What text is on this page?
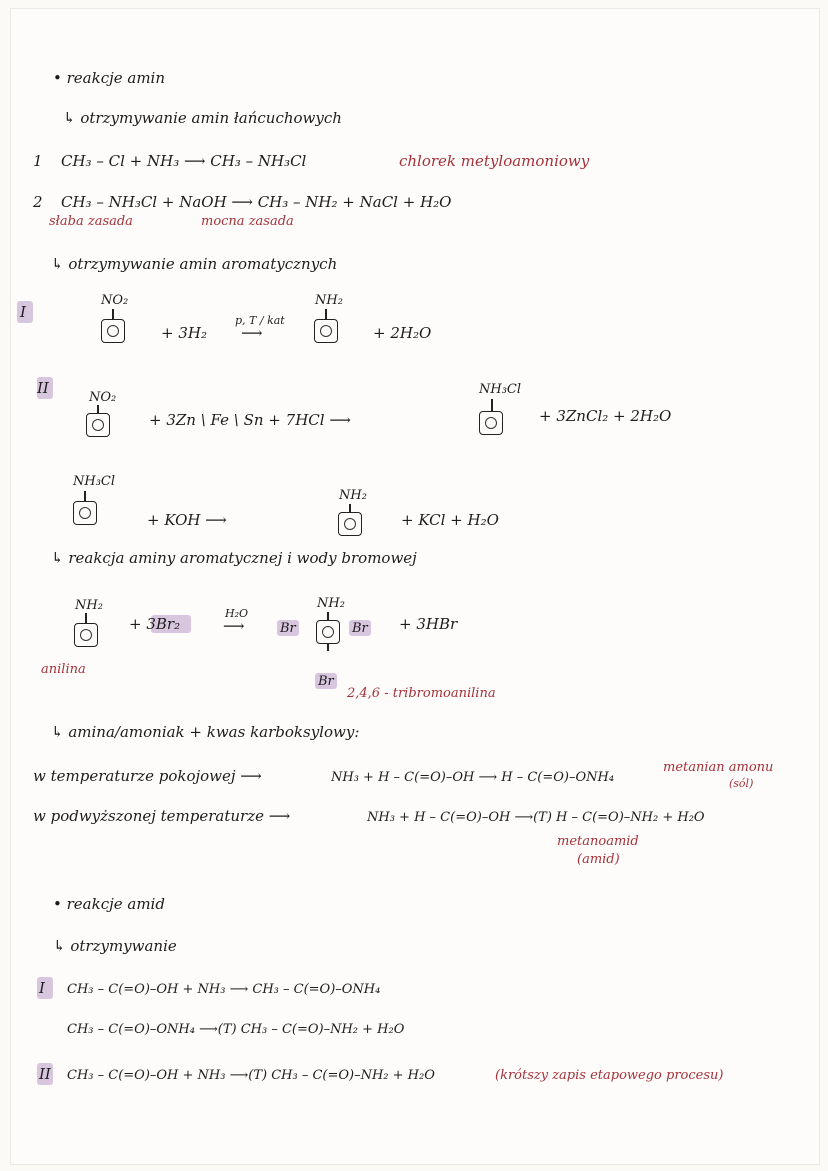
• reakcje amin
↳ otrzymywanie amin łańcuchowych
1 CH₃ – Cl + NH₃ ⟶ CH₃ – NH₃Cl	chlorek metyloamoniowy
2 CH₃ – NH₃Cl + NaOH ⟶ CH₃ – NH₂ + NaCl + H₂O
słaba zasada	mocna zasada
↳ otrzymywanie amin aromatycznych
I
NO₂
+ 3H₂
p, T / kat
⟶
NH₂
+ 2H₂O
II
NO₂
+ 3Zn \ Fe \ Sn + 7HCl ⟶
NH₃Cl
+ 3ZnCl₂ + 2H₂O
NH₃Cl
+ KOH ⟶
NH₂
+ KCl + H₂O
↳ reakcja aminy aromatycznej i wody bromowej
NH₂
anilina
+ 3Br₂
H₂O
⟶
NH₂
Br	Br
Br
+ 3HBr
2,4,6 - tribromoanilina
↳ amina/amoniak + kwas karboksylowy:
w temperaturze pokojowej ⟶	NH₃ + H – C(=O)–OH ⟶ H – C(=O)–ONH₄
metanian amonu
(sól)
w podwyższonej temperaturze ⟶	NH₃ + H – C(=O)–OH ⟶(T) H – C(=O)–NH₂ + H₂O
metanoamid
(amid)
• reakcje amid
↳ otrzymywanie
I CH₃ – C(=O)–OH + NH₃ ⟶ CH₃ – C(=O)–ONH₄
CH₃ – C(=O)–ONH₄ ⟶(T) CH₃ – C(=O)–NH₂ + H₂O
II CH₃ – C(=O)–OH + NH₃ ⟶(T) CH₃ – C(=O)–NH₂ + H₂O	(krótszy zapis etapowego procesu)
